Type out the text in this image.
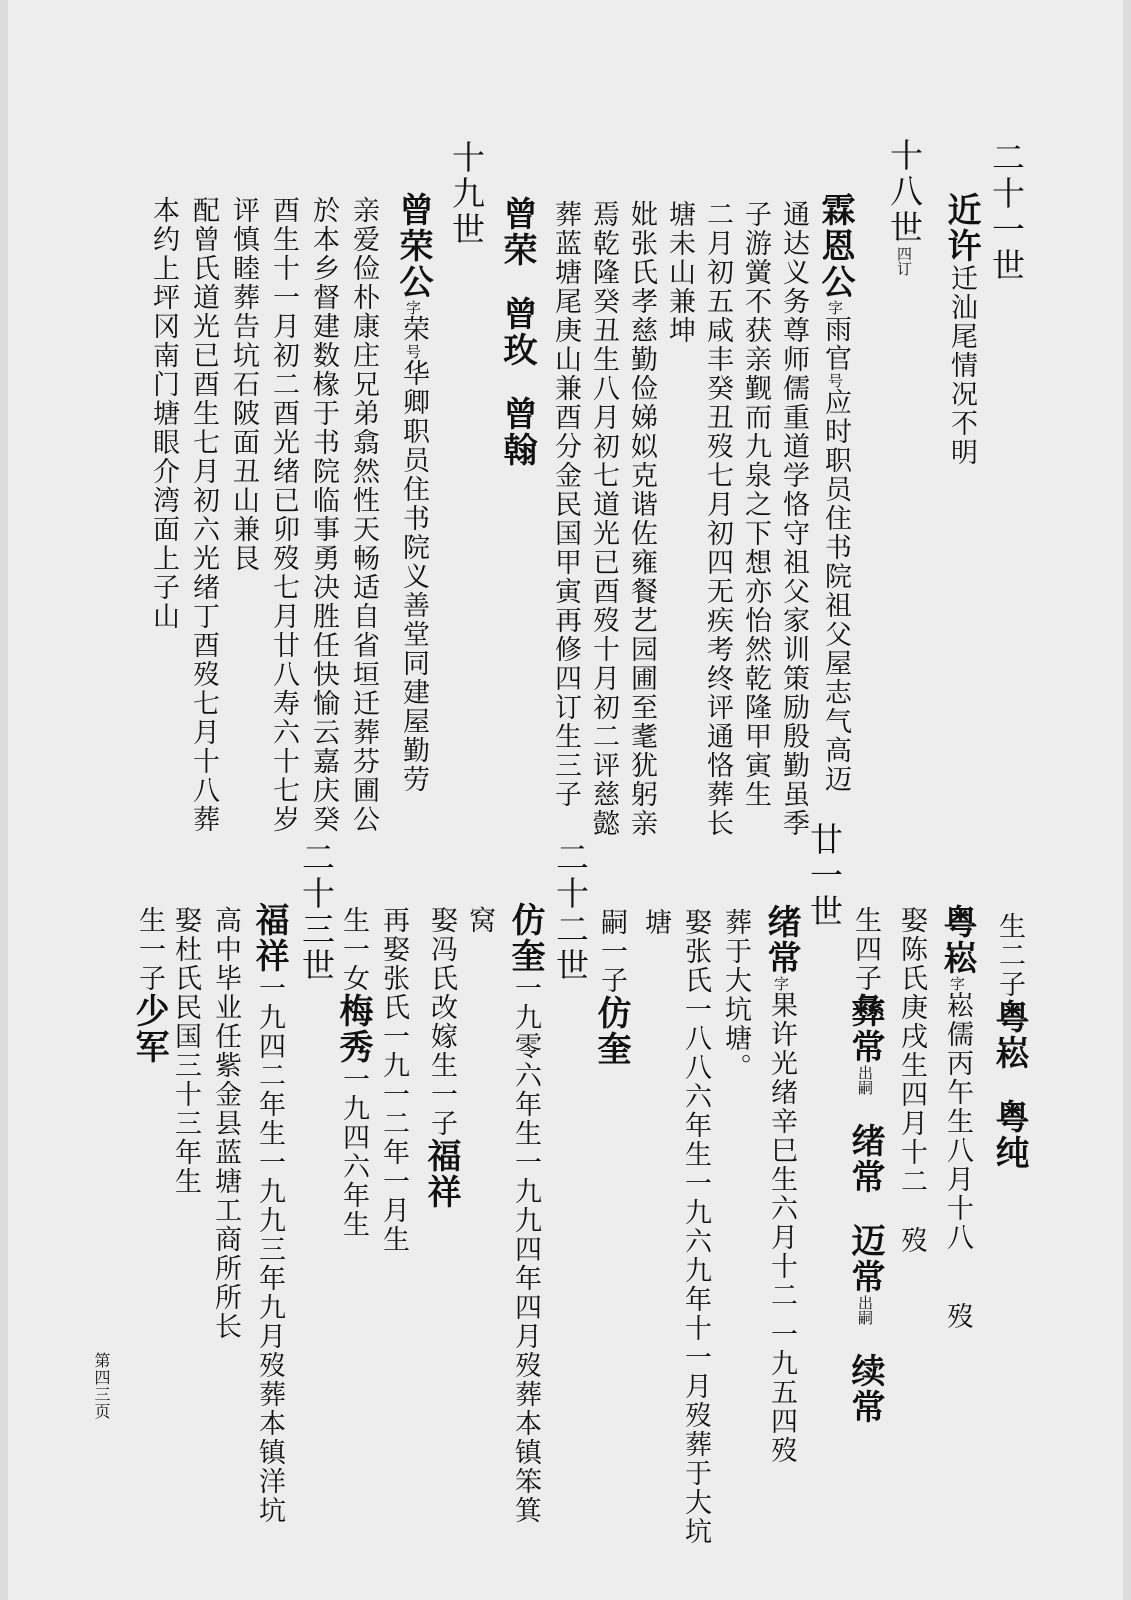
二十一世
近许迁汕尾情况不明
十八世四订
霖恩公字雨官号应时职员住书院祖父屋志气高迈
通达义务尊师儒重道学恪守祖父家训策励殷勤虽季
子游黉不获亲觐而九泉之下想亦怡然乾隆甲寅生
二月初五咸丰癸丑歿七月初四无疾考终评通恪葬长
塘未山兼坤
妣张氏孝慈勤俭娣姒克谐佐雍餐艺园圃至耄犹躬亲
焉乾隆癸丑生八月初七道光已酉歿十月初二评慈懿
葬蓝塘尾庚山兼酉分金民国甲寅再修四订生三子
曾荣曾玫曾翰
十九世
曾荣公字荣号华卿职员住书院义善堂同建屋勤劳
亲爱俭朴康庄兄弟翕然性天畅适自省垣迁葬芬圃公
於本乡督建数椽于书院临事勇决胜任快愉云嘉庆癸
酉生十一月初二酉光绪已卯歿七月廿八寿六十七岁
评慎睦葬告坑石陂面丑山兼艮
配曾氏道光已酉生七月初六光绪丁酉歿七月十八葬
本约上坪冈南门塘眼介湾面上子山
生二子粤崧粤纯
粤崧字崧儒丙午生八月十八歿
娶陈氏庚戌生四月十二歿
生四子彝常出嗣绪常迈常出嗣续常
廿一世
绪常字果许光绪辛巳生六月十二一九五四歿
葬于大坑塘。
娶张氏一八八六年生一九六九年十一月歿葬于大坑
塘
嗣一子仿奎
二十二世
仿奎一九零六年生一九九四年四月歿葬本镇笨箕
窝
娶冯氏改嫁生一子福祥
再娶张氏一九一二年一月生
生一女梅秀一九四六年生
二十三世
福祥一九四二年生一九九三年九月歿葬本镇洋坑
高中毕业任紫金县蓝塘工商所所长
娶杜氏民国三十三年生
生一子少军
第四三页
